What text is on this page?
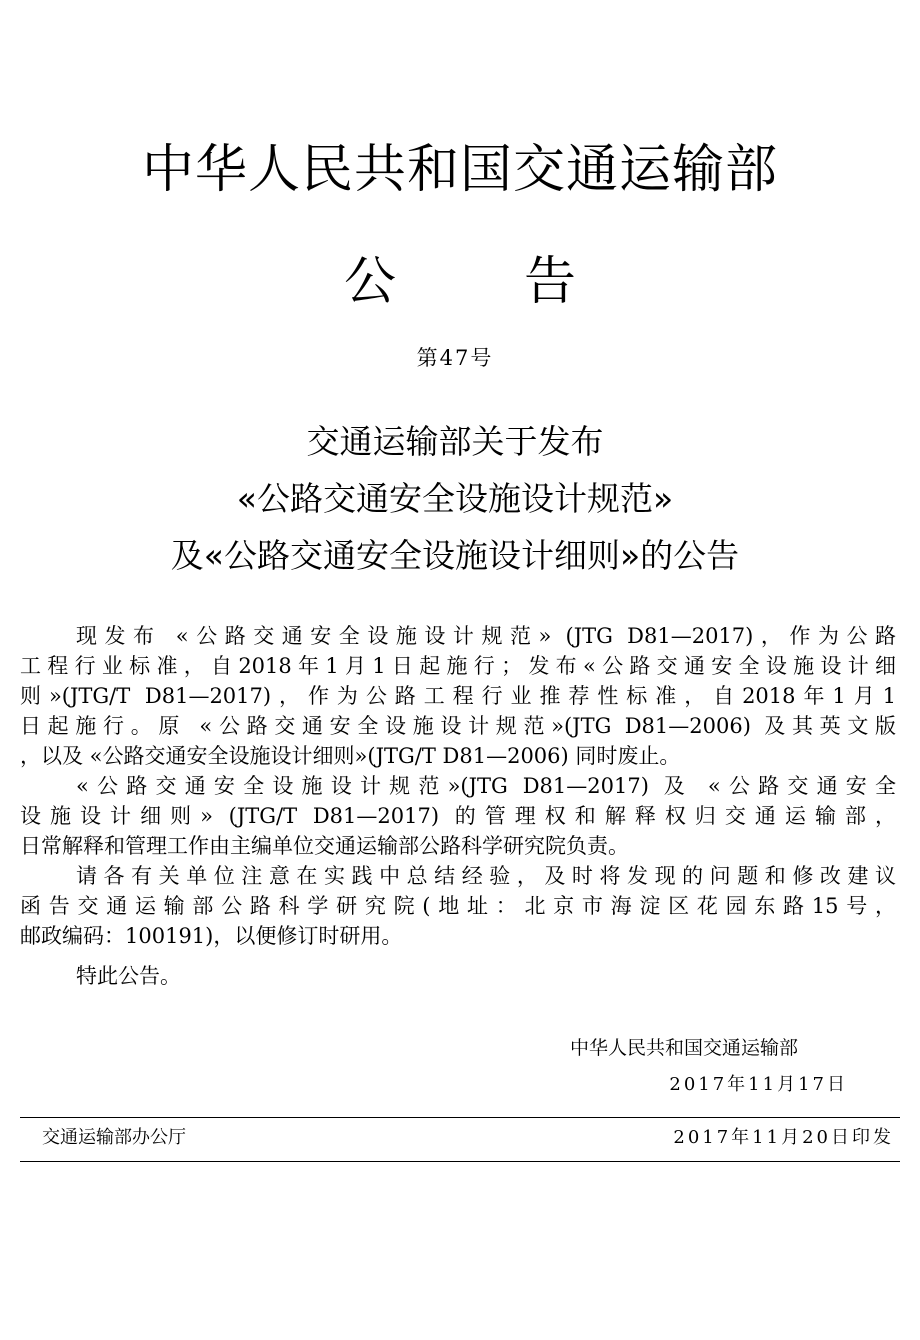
中华人民共和国交通运输部
公 告
第47号
交通运输部关于发布
«公路交通安全设施设计规范»
及«公路交通安全设施设计细则»的公告
现发布 «公路交通安全设施设计规范» (JTG D81—2017)，作为公路
工程行业标准，自2018年1月1日起施行；发布«公路交通安全设施设计细
则»(JTG/T D81—2017)，作为公路工程行业推荐性标准，自2018年1月1
日起施行。原 «公路交通安全设施设计规范»(JTG D81—2006) 及其英文版
，以及 «公路交通安全设施设计细则»(JTG/T D81—2006) 同时废止。
«公路交通安全设施设计规范»(JTG D81—2017) 及 «公路交通安全
设施设计细则» (JTG/T D81—2017) 的管理权和解释权归交通运输部，
日常解释和管理工作由主编单位交通运输部公路科学研究院负责。
请各有关单位注意在实践中总结经验，及时将发现的问题和修改建议
函告交通运输部公路科学研究院(地址：北京市海淀区花园东路15号，
邮政编码：100191)，以便修订时研用。
特此公告。
中华人民共和国交通运输部
2017年11月17日
交通运输部办公厅	2017年11月20日印发
